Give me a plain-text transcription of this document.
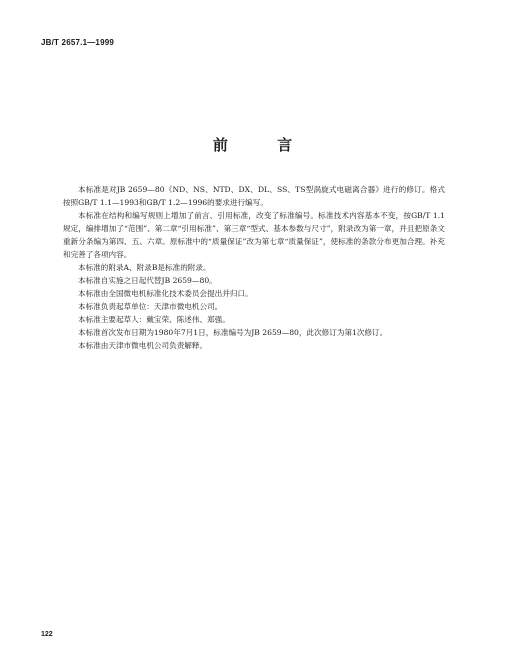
JB/T 2657.1—1999
前 言

本标准是对JB 2659—80《ND、NS、NTD、DX、DL、SS、TS型涡旋式电磁离合器》进行的修订。格式按照GB/T 1.1—1993和GB/T 1.2—1996的要求进行编写。

本标准在结构和编写规则上增加了前言、引用标准，改变了标准编号。标准技术内容基本不变，按GB/T 1.1规定，编排增加了“范围”、第二章“引用标准”、第三章“型式、基本参数与尺寸”，附录改为第一章，并且把原条文重新分条编为第四、五、六章。原标准中的“质量保证”改为第七章“质量保证”，使标准的条款分布更加合理。补充和完善了各项内容。

本标准的附录A、附录B是标准的附录。

本标准自实施之日起代替JB 2659—80。

本标准由全国微电机标准化技术委员会提出并归口。

本标准负责起草单位：天津市微电机公司。

本标准主要起草人：戴宝荣、陈述伟、郑强。

本标准首次发布日期为1980年7月1日，标准编号为JB 2659—80，此次修订为第1次修订。

本标准由天津市微电机公司负责解释。

122
